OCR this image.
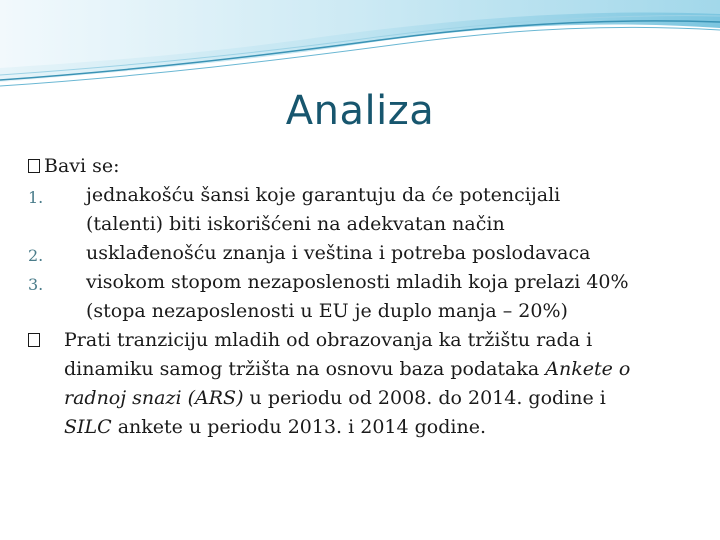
Analiza
Bavi se:
1. jednakošću šansi koje garantuju da će potencijali
(talenti) biti iskorišćeni na adekvatan način
2. usklađenošću znanja i veština i potreba poslodavaca
3. visokom stopom nezaposlenosti mladih koja prelazi 40%
(stopa nezaposlenosti u EU je duplo manja – 20%)
Prati tranziciju mladih od obrazovanja ka tržištu rada i
dinamiku samog tržišta na osnovu baza podataka Ankete o
radnoj snazi (ARS) u periodu od 2008. do 2014. godine i
SILC ankete u periodu 2013. i 2014 godine.
